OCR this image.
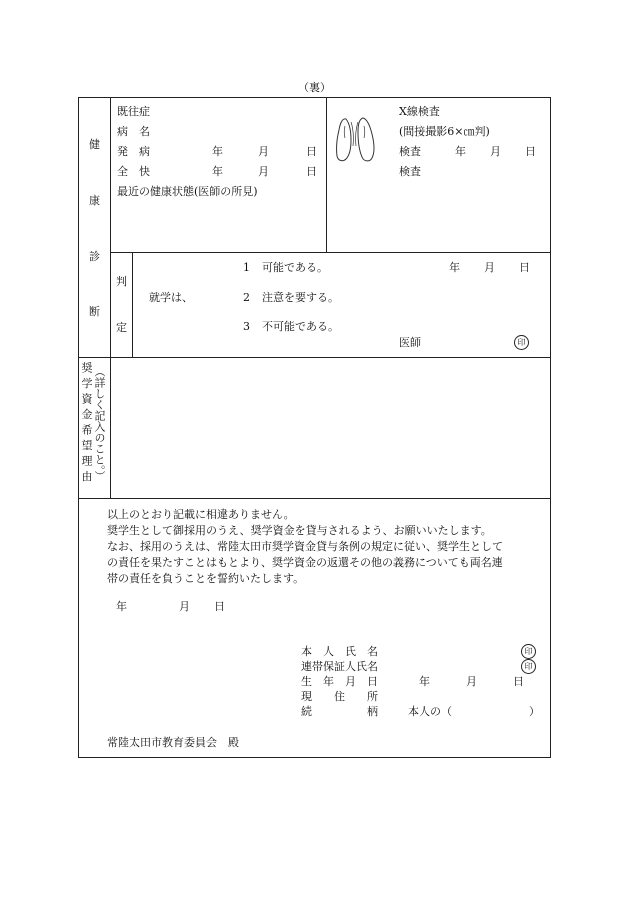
（裏）
健
康
診
断
既往症
病　名
発　病	年	月	日
全　快	年	月	日
最近の健康状態(医師の所見)
X線検査
(間接撮影6×㎝判)
検査	年 月 日
検査
判
定
1 可能である。	年 月 日
就学は、	2 注意を要する。
3 不可能である。
医師	印
奨学資金希望理由 （詳しく記入のこと。）
以上のとおり記載に相違ありません。
奨学生として御採用のうえ、奨学資金を貸与されるよう、お願いいたします。
なお、採用のうえは、常陸太田市奨学資金貸与条例の規定に従い、奨学生として
の責任を果たすことはもとより、奨学資金の返還その他の義務についても両名連
帯の責任を負うことを誓約いたします。
年	月 日
本　人　氏　名	印
連帯保証人氏名	印
生　年　月　日	年	月	日
現　　住　　所
続　　　　　柄	本人の（　　　　　　　）
常陸太田市教育委員会　殿
